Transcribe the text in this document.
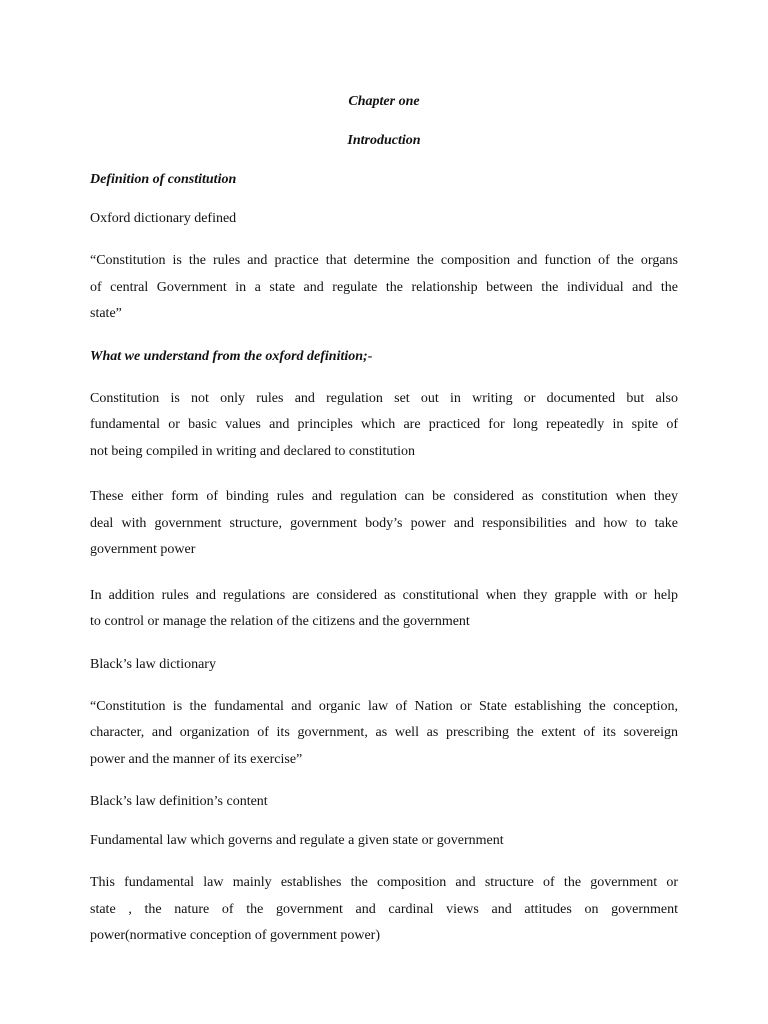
Chapter one

Introduction

Definition of constitution

Oxford dictionary defined

“Constitution is the rules and practice that determine the composition and function of the organs
of central Government in a state and regulate the relationship between the individual and the
state”

What we understand from the oxford definition;-

Constitution is not only rules and regulation set out in writing or documented but also
fundamental or basic values and principles which are practiced for long repeatedly in spite of
not being compiled in writing and declared to constitution

These either form of binding rules and regulation can be considered as constitution when they
deal with government structure, government body’s power and responsibilities and how to take
government power

In addition rules and regulations are considered as constitutional when they grapple with or help
to control or manage the relation of the citizens and the government

Black’s law dictionary

“Constitution is the fundamental and organic law of Nation or State establishing the conception,
character, and organization of its government, as well as prescribing the extent of its sovereign
power and the manner of its exercise”

Black’s law definition’s content

Fundamental law which governs and regulate a given state or government

This fundamental law mainly establishes the composition and structure of the government or
state , the nature of the government and cardinal views and attitudes on government
power(normative conception of government power)
